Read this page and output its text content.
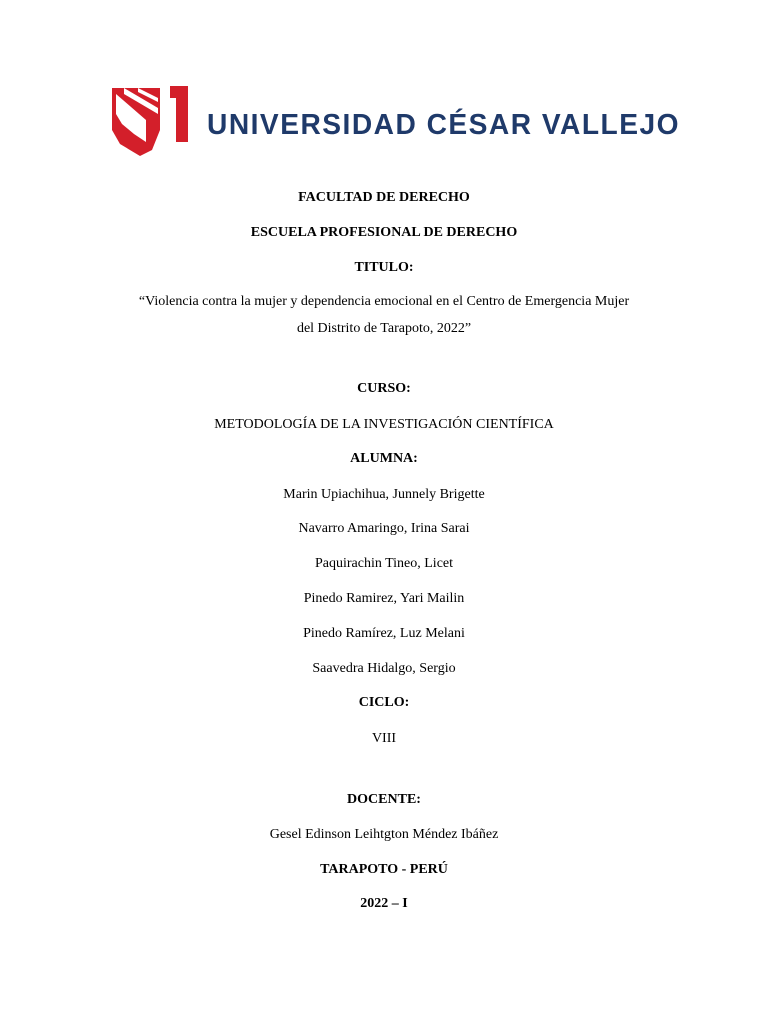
UNIVERSIDAD CÉSAR VALLEJO
FACULTAD DE DERECHO
ESCUELA PROFESIONAL DE DERECHO
TITULO:
“Violencia contra la mujer y dependencia emocional en el Centro de Emergencia Mujer
del Distrito de Tarapoto, 2022”
CURSO:
METODOLOGÍA DE LA INVESTIGACIÓN CIENTÍFICA
ALUMNA:
Marin Upiachihua, Junnely Brigette
Navarro Amaringo, Irina Sarai
Paquirachin Tineo, Licet
Pinedo Ramirez, Yari Mailin
Pinedo Ramírez, Luz Melani
Saavedra Hidalgo, Sergio
CICLO:
VIII
DOCENTE:
Gesel Edinson Leihtgton Méndez Ibáñez
TARAPOTO - PERÚ
2022 – I
